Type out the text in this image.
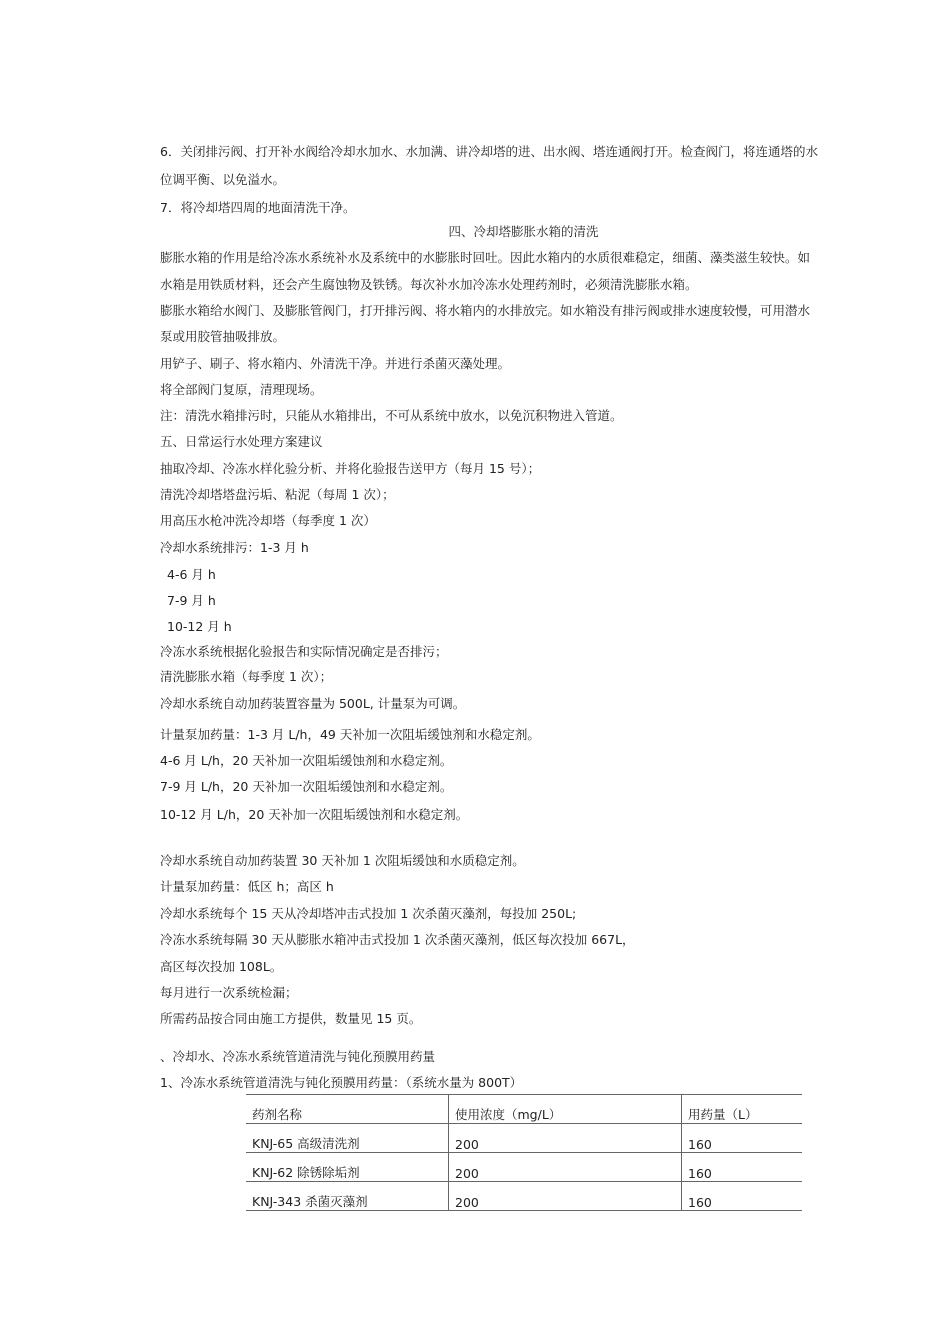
6．关闭排污阀、打开补水阀给冷却水加水、水加满、讲冷却塔的进、出水阀、塔连通阀打开。检查阀门，将连通塔的水
位调平衡、以免溢水。
7．将冷却塔四周的地面清洗干净。
四、冷却塔膨胀水箱的清洗
膨胀水箱的作用是给冷冻水系统补水及系统中的水膨胀时回吐。因此水箱内的水质很难稳定，细菌、藻类滋生较快。如
水箱是用铁质材料，还会产生腐蚀物及铁锈。每次补水加冷冻水处理药剂时，必须清洗膨胀水箱。
膨胀水箱给水阀门、及膨胀管阀门，打开排污阀、将水箱内的水排放完。如水箱没有排污阀或排水速度较慢，可用潜水
泵或用胶管抽吸排放。
用铲子、刷子、将水箱内、外清洗干净。并进行杀菌灭藻处理。
将全部阀门复原，清理现场。
注：清洗水箱排污时，只能从水箱排出，不可从系统中放水，以免沉积物进入管道。
五、日常运行水处理方案建议
抽取冷却、冷冻水样化验分析、并将化验报告送甲方（每月 15 号）；
清洗冷却塔塔盘污垢、粘泥（每周 1 次）；
用高压水枪冲洗冷却塔（每季度 1 次）
冷却水系统排污：1-3 月 h
4-6 月 h
7-9 月 h
10-12 月 h
冷冻水系统根据化验报告和实际情况确定是否排污；
清洗膨胀水箱（每季度 1 次）；
冷却水系统自动加药装置容量为 500L, 计量泵为可调。
计量泵加药量：1-3 月 L/h，49 天补加一次阻垢缓蚀剂和水稳定剂。
4-6 月 L/h，20 天补加一次阻垢缓蚀剂和水稳定剂。
7-9 月 L/h，20 天补加一次阻垢缓蚀剂和水稳定剂。
10-12 月 L/h，20 天补加一次阻垢缓蚀剂和水稳定剂。
冷却水系统自动加药装置 30 天补加 1 次阻垢缓蚀和水质稳定剂。
计量泵加药量：低区 h；高区 h
冷却水系统每个 15 天从冷却塔冲击式投加 1 次杀菌灭藻剂，每投加 250L;
冷冻水系统每隔 30 天从膨胀水箱冲击式投加 1 次杀菌灭藻剂，低区每次投加 667L，
高区每次投加 108L。
每月进行一次系统检漏；
所需药品按合同由施工方提供，数量见 15 页。
、冷却水、冷冻水系统管道清洗与钝化预膜用药量
1、冷冻水系统管道清洗与钝化预膜用药量：（系统水量为 800T）
药剂名称	使用浓度（mg/L）	用药量（L）
KNJ-65 高级清洗剂	200	160
KNJ-62 除锈除垢剂	200	160
KNJ-343 杀菌灭藻剂	200	160
